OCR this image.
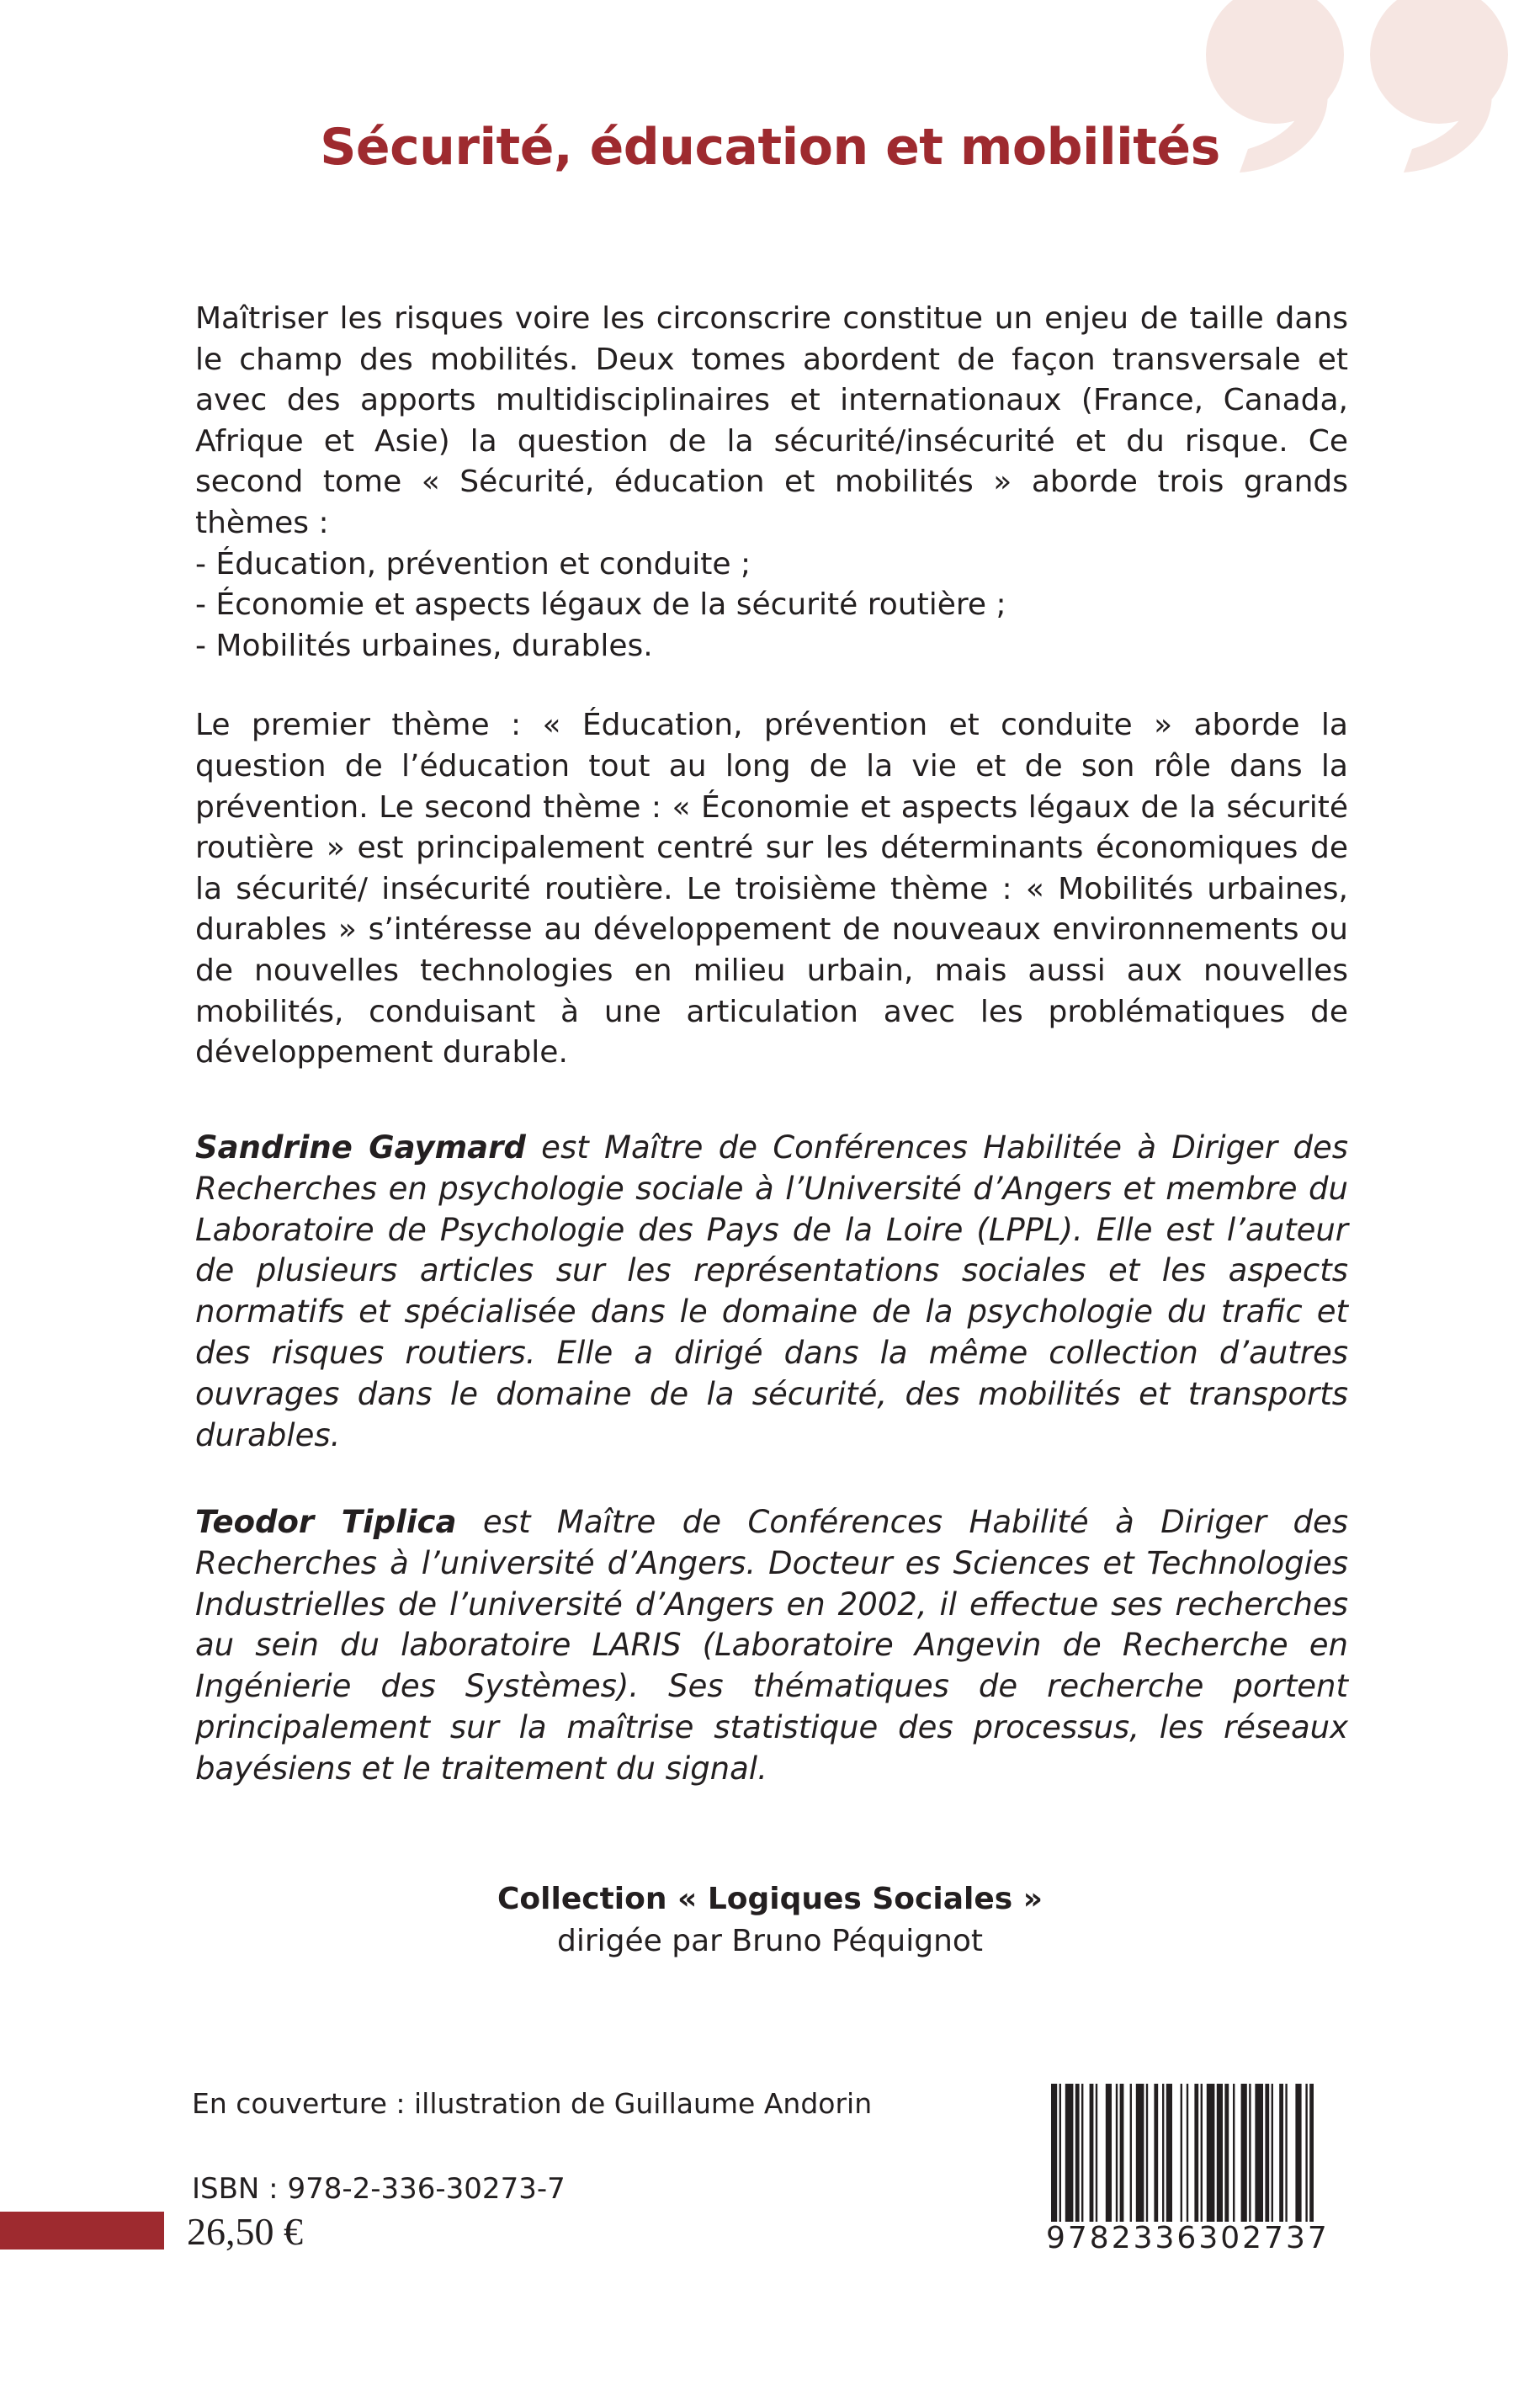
Sécurité, éducation et mobilités

Maîtriser les risques voire les circonscrire constitue un enjeu de taille dans le champ des mobilités. Deux tomes abordent de façon transversale et avec des apports multidisciplinaires et internationaux (France, Canada, Afrique et Asie) la question de la sécurité/insécurité et du risque. Ce second tome « Sécurité, éducation et mobilités » aborde trois grands thèmes :

- Éducation, prévention et conduite ;

- Économie et aspects légaux de la sécurité routière ;

- Mobilités urbaines, durables.

Le premier thème : « Éducation, prévention et conduite » aborde la question de l’éducation tout au long de la vie et de son rôle dans la prévention. Le second thème : « Économie et aspects légaux de la sécurité routière » est principalement centré sur les déterminants économiques de la sécurité/ insécurité routière. Le troisième thème : « Mobilités urbaines, durables » s’intéresse au développement de nouveaux environnements ou de nouvelles technologies en milieu urbain, mais aussi aux nouvelles mobilités, conduisant à une articulation avec les problématiques de développement durable.

Sandrine Gaymard est Maître de Conférences Habilitée à Diriger des Recherches en psychologie sociale à l’Université d’Angers et membre du Laboratoire de Psychologie des Pays de la Loire (LPPL). Elle est l’auteur de plusieurs articles sur les représentations sociales et les aspects normatifs et spécialisée dans le domaine de la psychologie du trafic et des risques routiers. Elle a dirigé dans la même collection d’autres ouvrages dans le domaine de la sécurité, des mobilités et transports durables.

Teodor Tiplica est Maître de Conférences Habilité à Diriger des Recherches à l’université d’Angers. Docteur es Sciences et Technologies Industrielles de l’université d’Angers en 2002, il effectue ses recherches au sein du laboratoire LARIS (Laboratoire Angevin de Recherche en Ingénierie des Systèmes). Ses thématiques de recherche portent principalement sur la maîtrise statistique des processus, les réseaux bayésiens et le traitement du signal.

Collection « Logiques Sociales »
dirigée par Bruno Péquignot
En couverture : illustration de Guillaume Andorin
ISBN : 978-2-336-30273-7
26,50 €	9782336302737
